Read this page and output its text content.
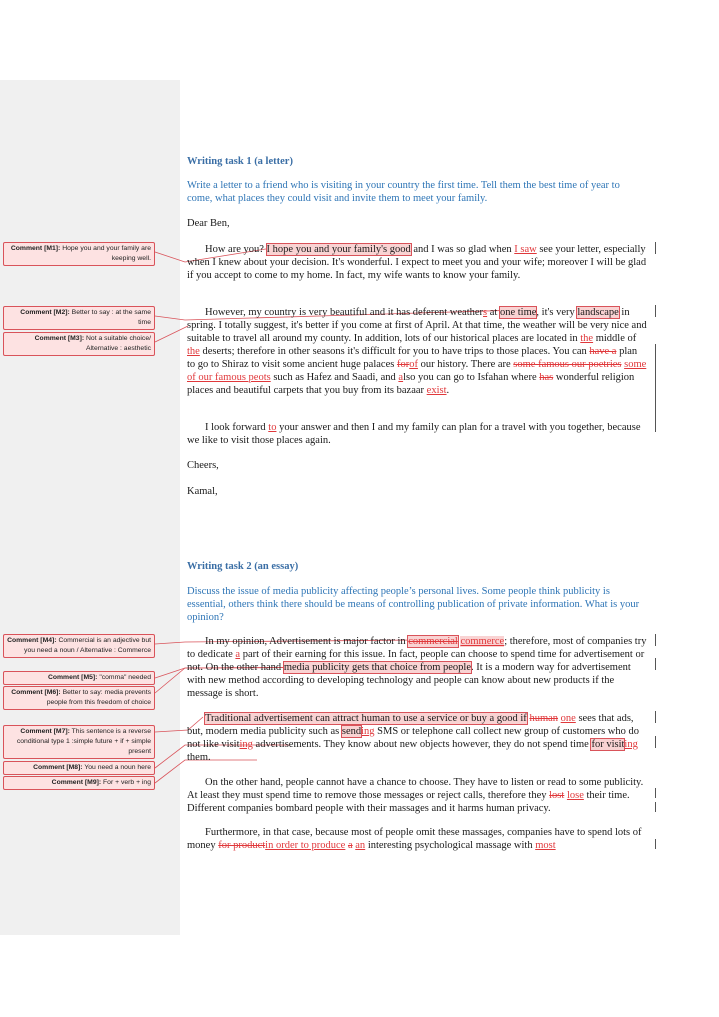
Comment [M1]: Hope you and your family are keeping well.
Comment [M2]: Better to say : at the same time
Comment [M3]: Not a suitable choice/ Alternative : aesthetic
Comment [M4]: Commercial is an adjective but you need a noun / Alternative : Commerce
Comment [M5]: "comma" needed
Comment [M6]: Better to say: media prevents people from this freedom of choice
Comment [M7]: This sentence is a reverse conditional type 1 :simple future + if + simple present
Comment [M8]: You need a noun here
Comment [M9]: For + verb + ing
Writing task 1 (a letter)
Write a letter to a friend who is visiting in your country the first time. Tell them the best time of year to come, what places they could visit and invite them to meet your family.
Dear Ben,
How are you? I hope you and your family's good and I was so glad when I saw see your letter, especially when I knew about your decision. It's wonderful. I expect to meet you and your wife; moreover I will be glad if you accept to come to my home. In fact, my wife wants to know your family.
However, my country is very beautiful and it has deferent weathers at one time, it's very landscape in spring. I totally suggest, it's better if you come at first of April. At that time, the weather will be very nice and suitable to travel all around my county. In addition, lots of our historical places are located in the middle of the deserts; therefore in other seasons it's difficult for you to have trips to those places. You can have a plan to go to Shiraz to visit some ancient huge palaces forof our history. There are some famous our poetries some of our famous peots such as Hafez and Saadi, and also you can go to Isfahan where has wonderful religion places and beautiful carpets that you buy from its bazaar exist.
I look forward to your answer and then I and my family can plan for a travel with you together, because we like to visit those places again.
Cheers,
Kamal,
Writing task 2 (an essay)
Discuss the issue of media publicity affecting people’s personal lives. Some people think publicity is essential, others think there should be means of controlling publication of private information. What is your opinion?
In my opinion, Advertisement is major factor in commercial commerce; therefore, most of companies try to dedicate a part of their earning for this issue. In fact, people can choose to spend time for advertisement or not. On the other hand media publicity gets that choice from people. It is a modern way for advertisement with new method according to developing technology and people can know about new products if the message is short.
Traditional advertisement can attract human to use a service or buy a good if human one sees that ads, but, modern media publicity such as sending SMS or telephone call collect new group of customers who do not like visiting advertisements. They know about new objects however, they do not spend time for visiting them.
On the other hand, people cannot have a chance to choose. They have to listen or read to some publicity. At least they must spend time to remove those messages or reject calls, therefore they lost lose their time. Different companies bombard people with their massages and it harms human privacy.
Furthermore, in that case, because most of people omit these massages, companies have to spend lots of money for productin order to produce a an interesting psychological massage with most
